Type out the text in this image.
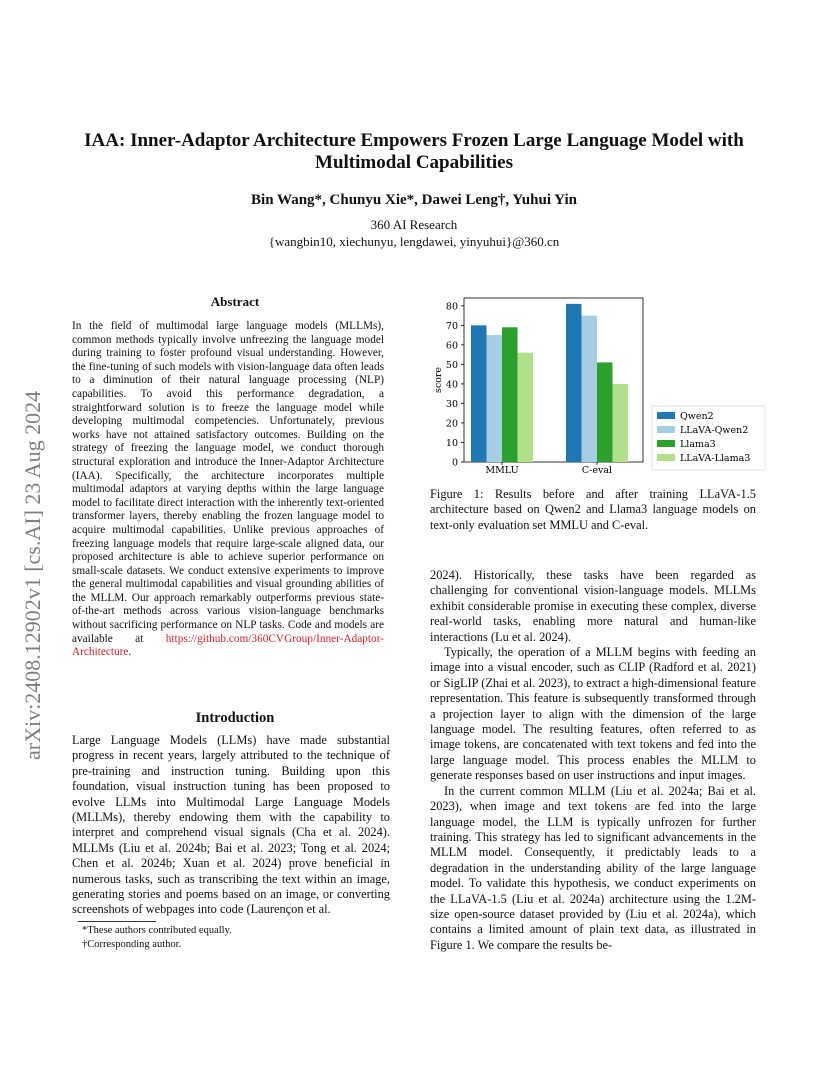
IAA: Inner-Adaptor Architecture Empowers Frozen Large Language Model with
Multimodal Capabilities
Bin Wang*, Chunyu Xie*, Dawei Leng†, Yuhui Yin
360 AI Research
{wangbin10, xiechunyu, lengdawei, yinyuhui}@360.cn
arXiv:2408.12902v1 [cs.AI] 23 Aug 2024
Abstract
In the field of multimodal large language models (MLLMs), common methods typically involve unfreezing the language model during training to foster profound visual understanding. However, the fine-tuning of such models with vision-language data often leads to a diminution of their natural language processing (NLP) capabilities. To avoid this performance degradation, a straightforward solution is to freeze the language model while developing multimodal competencies. Unfortunately, previous works have not attained satisfactory outcomes. Building on the strategy of freezing the language model, we conduct thorough structural exploration and introduce the Inner-Adaptor Architecture (IAA). Specifically, the architecture incorporates multiple multimodal adaptors at varying depths within the large language model to facilitate direct interaction with the inherently text-oriented transformer layers, thereby enabling the frozen language model to acquire multimodal capabilities. Unlike previous approaches of freezing language models that require large-scale aligned data, our proposed architecture is able to achieve superior performance on small-scale datasets. We conduct extensive experiments to improve the general multimodal capabilities and visual grounding abilities of the MLLM. Our approach remarkably outperforms previous state-of-the-art methods across various vision-language benchmarks without sacrificing performance on NLP tasks. Code and models are available at https://github.com/360CVGroup/Inner-Adaptor-Architecture.
Introduction
Large Language Models (LLMs) have made substantial progress in recent years, largely attributed to the technique of pre-training and instruction tuning. Building upon this foundation, visual instruction tuning has been proposed to evolve LLMs into Multimodal Large Language Models (MLLMs), thereby endowing them with the capability to interpret and comprehend visual signals (Cha et al. 2024). MLLMs (Liu et al. 2024b; Bai et al. 2023; Tong et al. 2024; Chen et al. 2024b; Xuan et al. 2024) prove beneficial in numerous tasks, such as transcribing the text within an image, generating stories and poems based on an image, or converting screenshots of webpages into code (Laurençon et al.
*These authors contributed equally.
†Corresponding author.
0
10
20
30
40
50
60
70
80
score
MMLU	C-eval
Qwen2
LLaVA-Qwen2
Llama3
LLaVA-Llama3
Figure 1: Results before and after training LLaVA-1.5 architecture based on Qwen2 and Llama3 language models on text-only evaluation set MMLU and C-eval.

2024). Historically, these tasks have been regarded as challenging for conventional vision-language models. MLLMs exhibit considerable promise in executing these complex, diverse real-world tasks, enabling more natural and human-like interactions (Lu et al. 2024).

Typically, the operation of a MLLM begins with feeding an image into a visual encoder, such as CLIP (Radford et al. 2021) or SigLIP (Zhai et al. 2023), to extract a high-dimensional feature representation. This feature is subsequently transformed through a projection layer to align with the dimension of the large language model. The resulting features, often referred to as image tokens, are concatenated with text tokens and fed into the large language model. This process enables the MLLM to generate responses based on user instructions and input images.

In the current common MLLM (Liu et al. 2024a; Bai et al. 2023), when image and text tokens are fed into the large language model, the LLM is typically unfrozen for further training. This strategy has led to significant advancements in the MLLM model. Consequently, it predictably leads to a degradation in the understanding ability of the large language model. To validate this hypothesis, we conduct experiments on the LLaVA-1.5 (Liu et al. 2024a) architecture using the 1.2M-size open-source dataset provided by (Liu et al. 2024a), which contains a limited amount of plain text data, as illustrated in Figure 1. We compare the results be-
